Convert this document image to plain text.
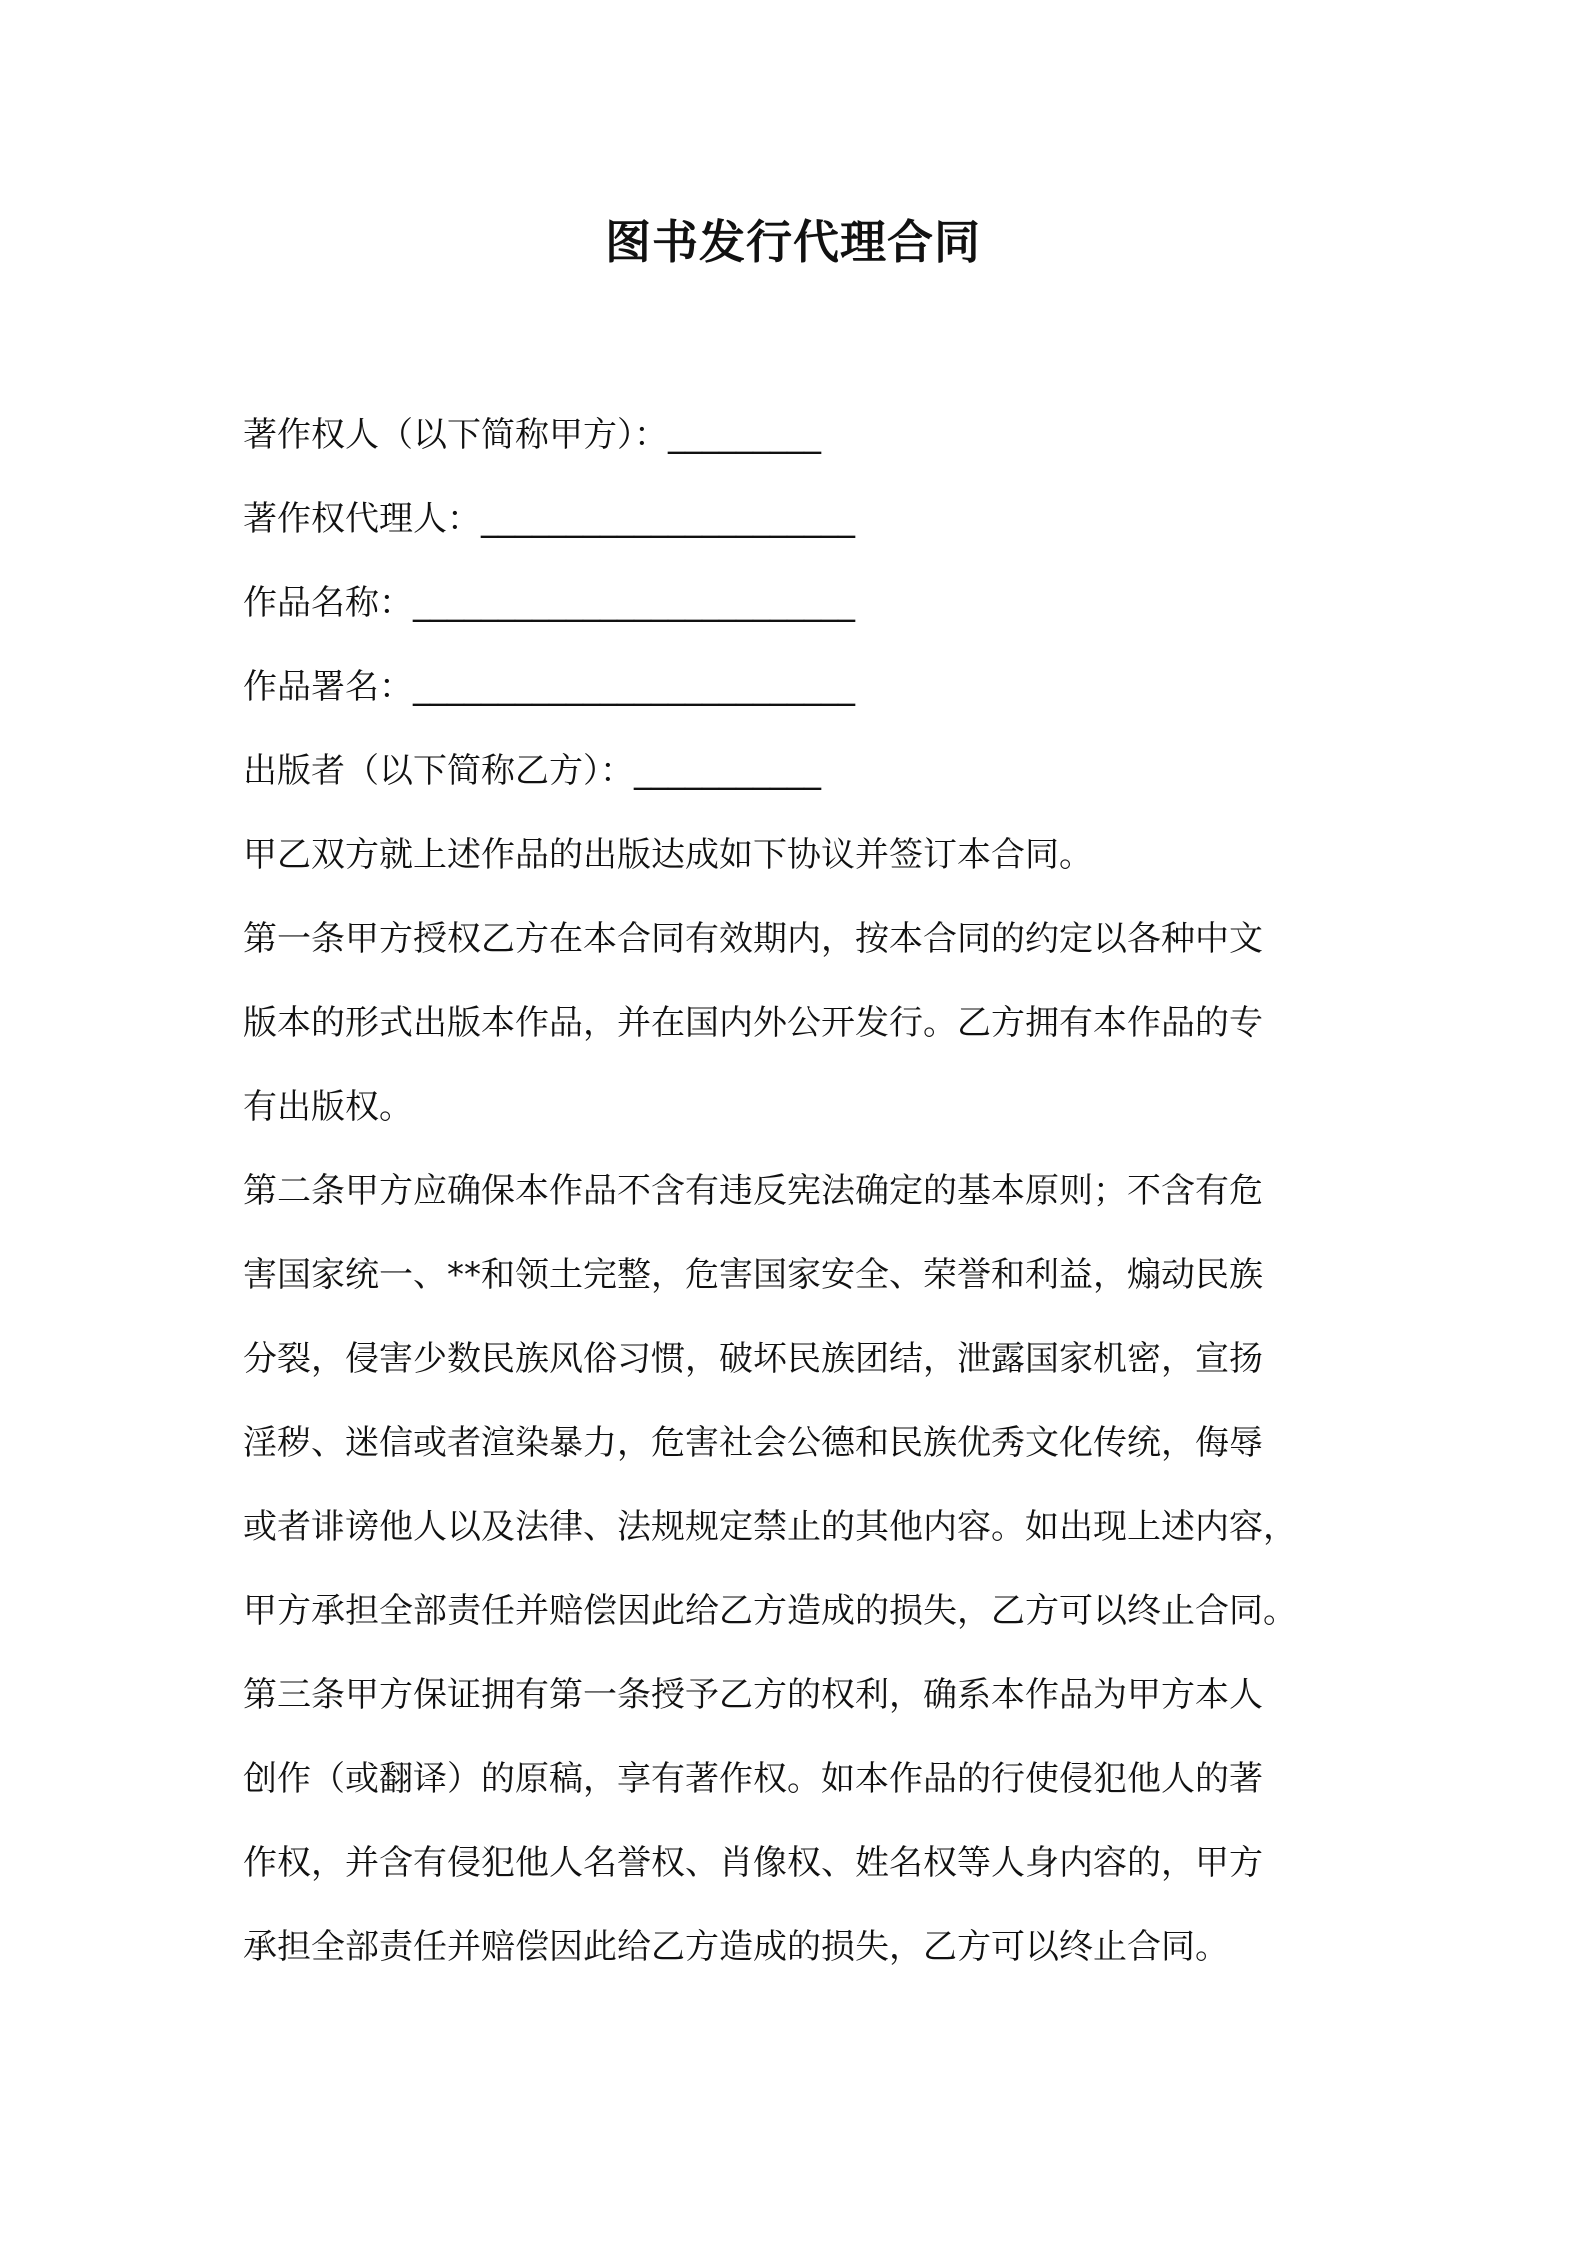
图书发行代理合同
著作权人（以下简称甲方）：_________
著作权代理人：______________________
作品名称：__________________________
作品署名：__________________________
出版者（以下简称乙方）：___________
甲乙双方就上述作品的出版达成如下协议并签订本合同。
第一条甲方授权乙方在本合同有效期内，按本合同的约定以各种中文
版本的形式出版本作品，并在国内外公开发行。乙方拥有本作品的专
有出版权。
第二条甲方应确保本作品不含有违反宪法确定的基本原则；不含有危
害国家统一、**和领土完整，危害国家安全、荣誉和利益，煽动民族
分裂，侵害少数民族风俗习惯，破坏民族团结，泄露国家机密，宣扬
淫秽、迷信或者渲染暴力，危害社会公德和民族优秀文化传统，侮辱
或者诽谤他人以及法律、法规规定禁止的其他内容。如出现上述内容，
甲方承担全部责任并赔偿因此给乙方造成的损失，乙方可以终止合同。
第三条甲方保证拥有第一条授予乙方的权利，确系本作品为甲方本人
创作（或翻译）的原稿，享有著作权。如本作品的行使侵犯他人的著
作权，并含有侵犯他人名誉权、肖像权、姓名权等人身内容的，甲方
承担全部责任并赔偿因此给乙方造成的损失，乙方可以终止合同。
